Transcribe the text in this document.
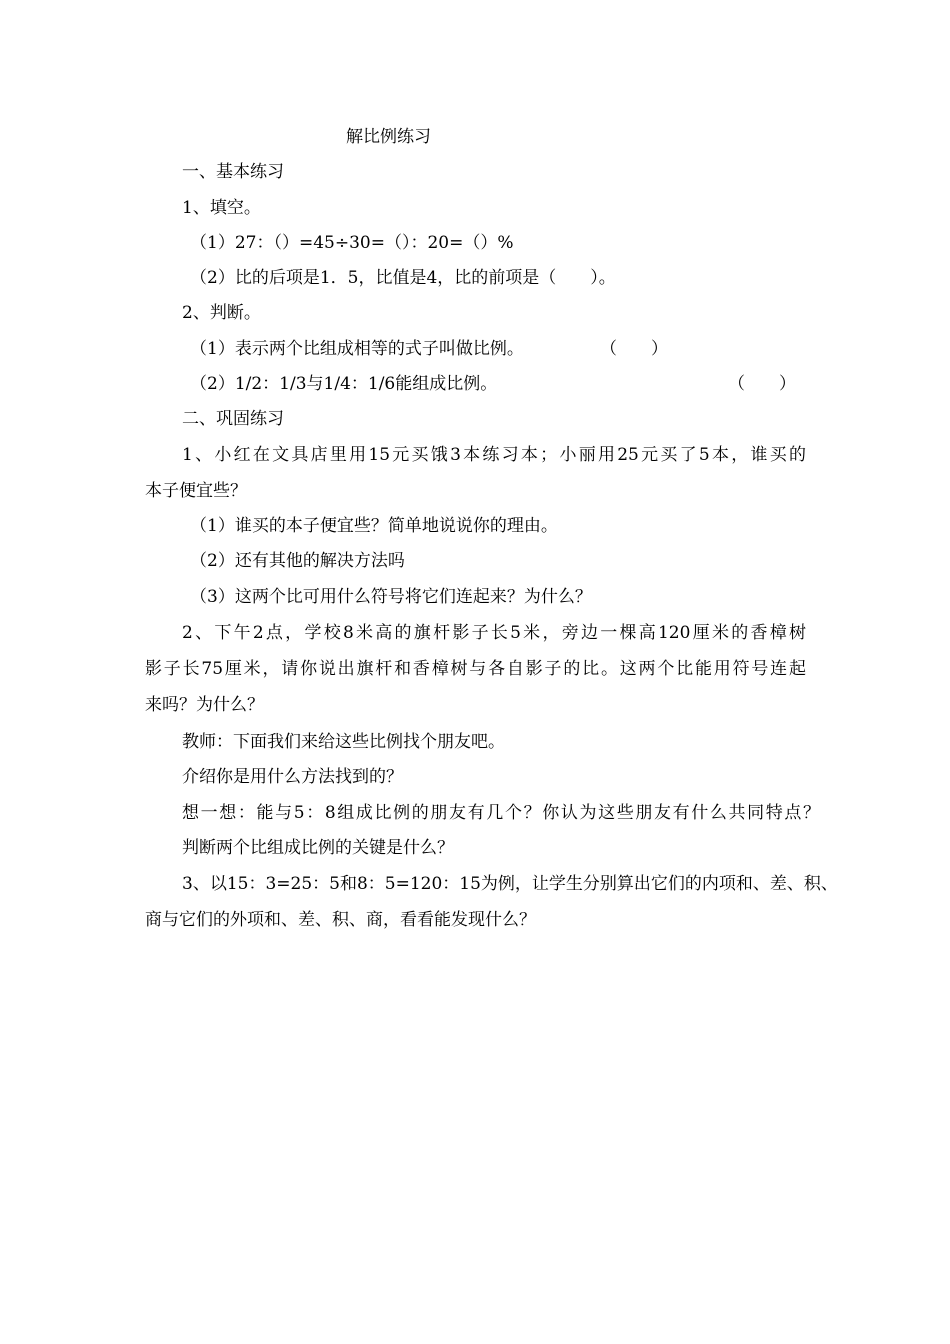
解比例练习
一、基本练习
1、填空。
（1）27：（）=45÷30=（）：20=（）%
（2）比的后项是1．5，比值是4，比的前项是（　　）。
2、判断。
（1）表示两个比组成相等的式子叫做比例。	（　　）
（2）1/2：1/3与1/4：1/6能组成比例。	（　　）
二、巩固练习
1、小红在文具店里用15元买饿3本练习本；小丽用25元买了5本，谁买的
本子便宜些？
（1）谁买的本子便宜些？简单地说说你的理由。
（2）还有其他的解决方法吗
（3）这两个比可用什么符号将它们连起来？为什么？
2、下午2点，学校8米高的旗杆影子长5米，旁边一棵高120厘米的香樟树
影子长75厘米，请你说出旗杆和香樟树与各自影子的比。这两个比能用符号连起
来吗？为什么？
教师：下面我们来给这些比例找个朋友吧。
介绍你是用什么方法找到的？
想一想：能与5：8组成比例的朋友有几个？你认为这些朋友有什么共同特点？
判断两个比组成比例的关键是什么？
3、以15：3=25：5和8：5=120：15为例，让学生分别算出它们的内项和、差、积、
商与它们的外项和、差、积、商，看看能发现什么？
